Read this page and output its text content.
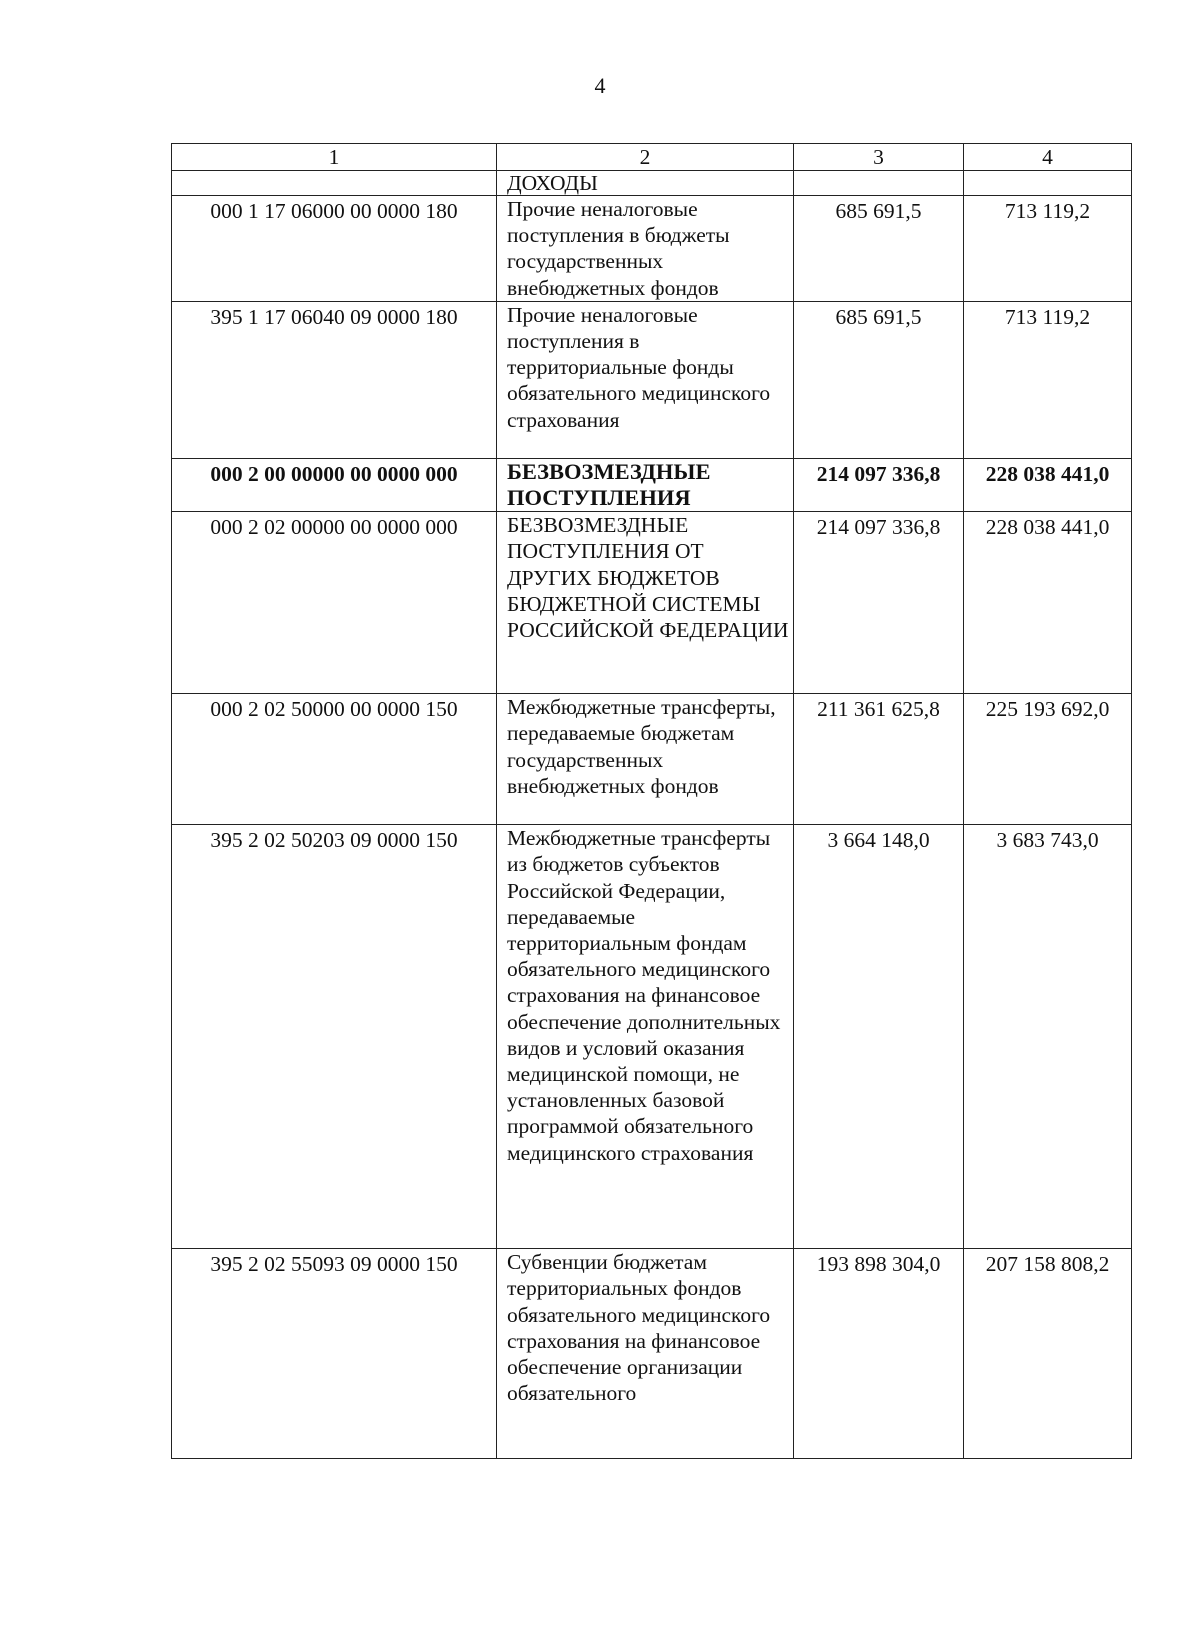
4
1	2	3	4
	ДОХОДЫ		
000 1 17 06000 00 0000 180	Прочие неналоговые поступления в бюджеты государственных внебюджетных фондов	685 691,5	713 119,2
395 1 17 06040 09 0000 180	Прочие неналоговые поступления в территориальные фонды обязательного медицинского страхования	685 691,5	713 119,2
000 2 00 00000 00 0000 000	БЕЗВОЗМЕЗДНЫЕ ПОСТУПЛЕНИЯ	214 097 336,8	228 038 441,0
000 2 02 00000 00 0000 000	БЕЗВОЗМЕЗДНЫЕ ПОСТУПЛЕНИЯ ОТ ДРУГИХ БЮДЖЕТОВ БЮДЖЕТНОЙ СИСТЕМЫ РОССИЙСКОЙ ФЕДЕРАЦИИ	214 097 336,8	228 038 441,0
000 2 02 50000 00 0000 150	Межбюджетные трансферты, передаваемые бюджетам государственных внебюджетных фондов	211 361 625,8	225 193 692,0
395 2 02 50203 09 0000 150	Межбюджетные трансферты из бюджетов субъектов Российской Федерации, передаваемые территориальным фондам обязательного медицинского страхования на финансовое обеспечение дополнительных видов и условий оказания медицинской помощи, не установленных базовой программой обязательного медицинского страхования	3 664 148,0	3 683 743,0
395 2 02 55093 09 0000 150	Субвенции бюджетам территориальных фондов обязательного медицинского страхования на финансовое обеспечение организации обязательного	193 898 304,0	207 158 808,2
